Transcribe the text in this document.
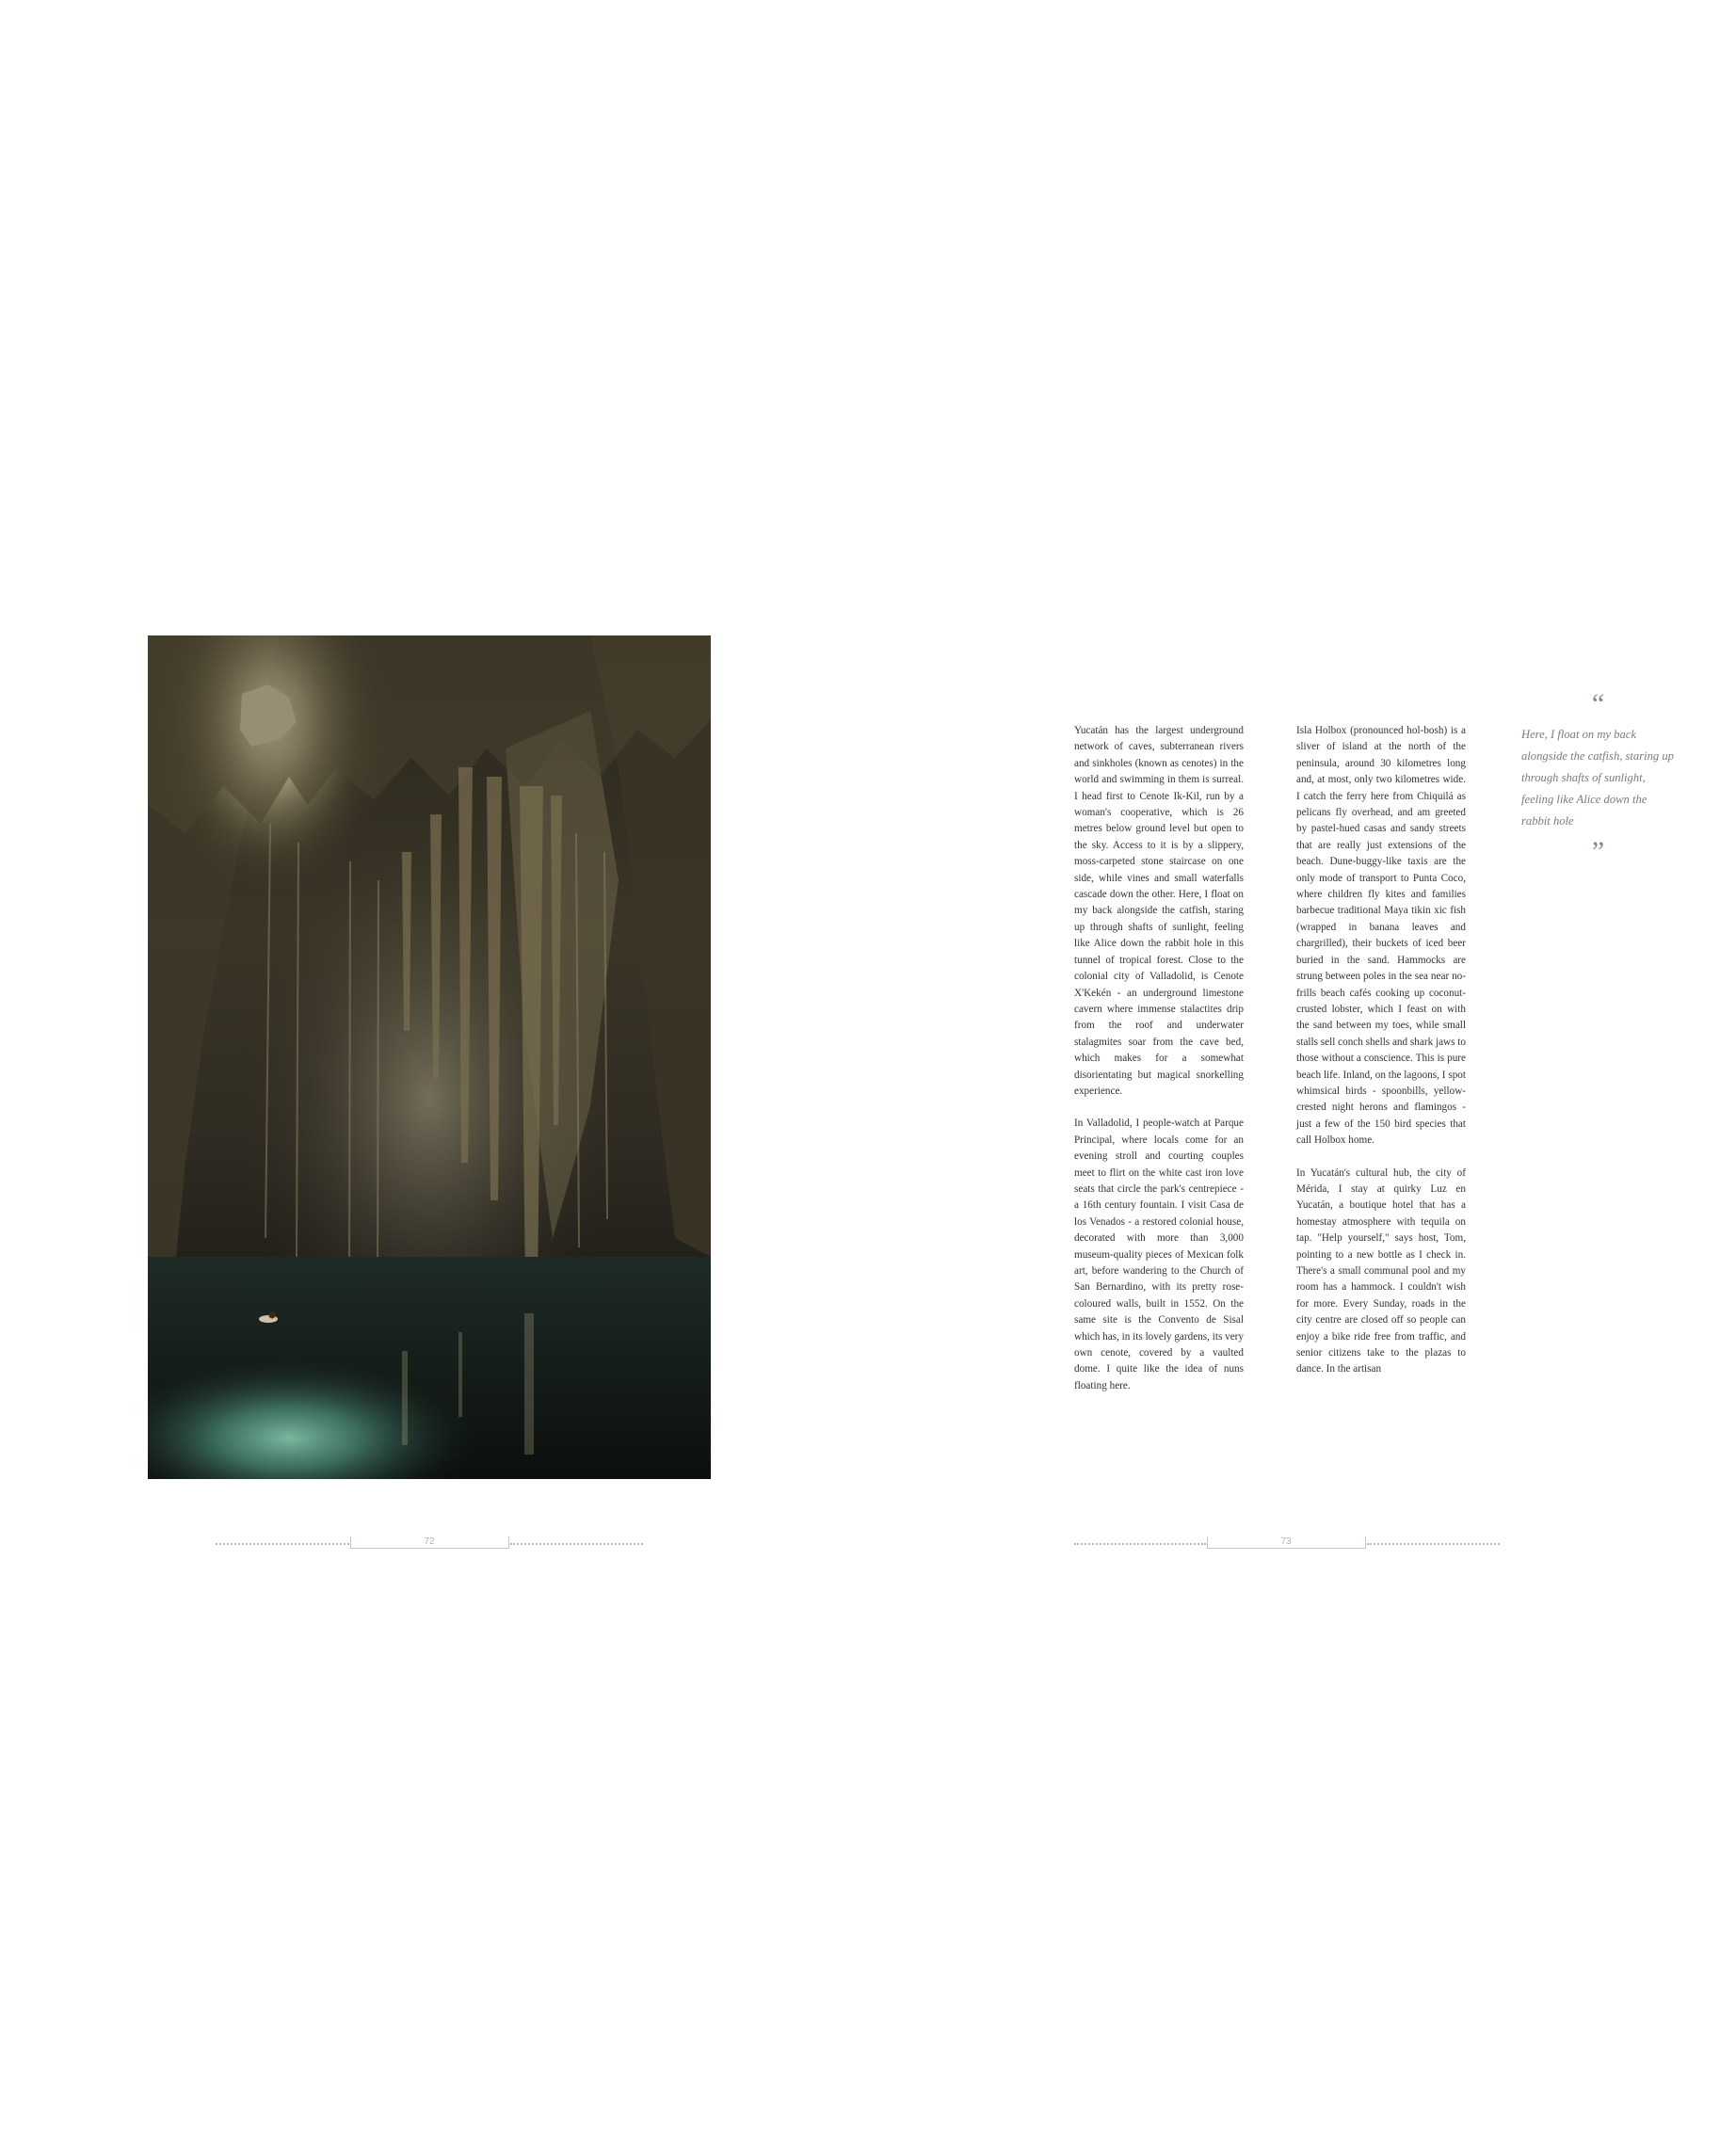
72

Yucatán has the largest underground network of caves, subterranean rivers and sinkholes (known as cenotes) in the world and swimming in them is surreal. I head first to Cenote Ik-Kil, run by a woman's cooperative, which is 26 metres below ground level but open to the sky. Access to it is by a slippery, moss-carpeted stone staircase on one side, while vines and small waterfalls cascade down the other. Here, I float on my back alongside the catfish, staring up through shafts of sunlight, feeling like Alice down the rabbit hole in this tunnel of tropical forest. Close to the colonial city of Valladolid, is Cenote X'Kekén - an underground limestone cavern where immense stalactites drip from the roof and underwater stalagmites soar from the cave bed, which makes for a somewhat disorientating but magical snorkelling experience.

In Valladolid, I people-watch at Parque Principal, where locals come for an evening stroll and courting couples meet to flirt on the white cast iron love seats that circle the park's centrepiece - a 16th century fountain. I visit Casa de los Venados - a restored colonial house, decorated with more than 3,000 museum-quality pieces of Mexican folk art, before wandering to the Church of San Bernardino, with its pretty rose-coloured walls, built in 1552. On the same site is the Convento de Sisal which has, in its lovely gardens, its very own cenote, covered by a vaulted dome. I quite like the idea of nuns floating here.

Isla Holbox (pronounced hol-bosh) is a sliver of island at the north of the peninsula, around 30 kilometres long and, at most, only two kilometres wide. I catch the ferry here from Chiquilá as pelicans fly overhead, and am greeted by pastel-hued casas and sandy streets that are really just extensions of the beach. Dune-buggy-like taxis are the only mode of transport to Punta Coco, where children fly kites and families barbecue traditional Maya tikin xic fish (wrapped in banana leaves and chargrilled), their buckets of iced beer buried in the sand. Hammocks are strung between poles in the sea near no-frills beach cafés cooking up coconut-crusted lobster, which I feast on with the sand between my toes, while small stalls sell conch shells and shark jaws to those without a conscience. This is pure beach life. Inland, on the lagoons, I spot whimsical birds - spoonbills, yellow-crested night herons and flamingos - just a few of the 150 bird species that call Holbox home.

In Yucatán's cultural hub, the city of Mérida, I stay at quirky Luz en Yucatán, a boutique hotel that has a homestay atmosphere with tequila on tap. "Help yourself," says host, Tom, pointing to a new bottle as I check in. There's a small communal pool and my room has a hammock. I couldn't wish for more. Every Sunday, roads in the city centre are closed off so people can enjoy a bike ride free from traffic, and senior citizens take to the plazas to dance. In the artisan

“
Here, I float on my back alongside the catfish, staring up through shafts of sunlight, feeling like Alice down the rabbit hole
”
73
